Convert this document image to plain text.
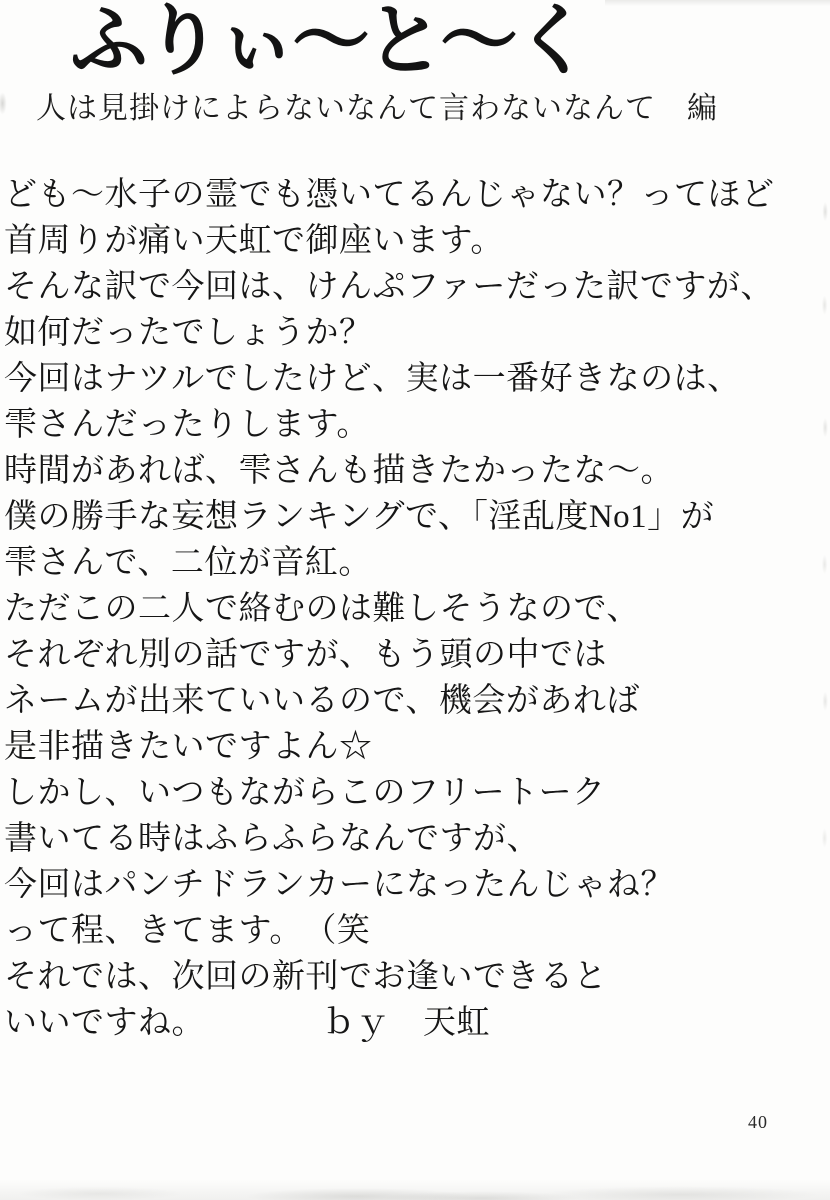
ふりぃ〜と〜く
人は見掛けによらないなんて言わないなんて　編
ども〜水子の霊でも憑いてるんじゃない？ってほど
首周りが痛い天虹で御座います。
そんな訳で今回は、けんぷファーだった訳ですが、
如何だったでしょうか？
今回はナツルでしたけど、実は一番好きなのは、
雫さんだったりします。
時間があれば、雫さんも描きたかったな〜。
僕の勝手な妄想ランキングで、「淫乱度No1」が
雫さんで、二位が音紅。
ただこの二人で絡むのは難しそうなので、
それぞれ別の話ですが、もう頭の中では
ネームが出来ていいるので、機会があれば
是非描きたいですよん☆
しかし、いつもながらこのフリートーク
書いてる時はふらふらなんですが、
今回はパンチドランカーになったんじゃね？
って程、きてます。　（笑
それでは、次回の新刊でお逢いできると
いいですね。　　　　ｂｙ　天虹
40
